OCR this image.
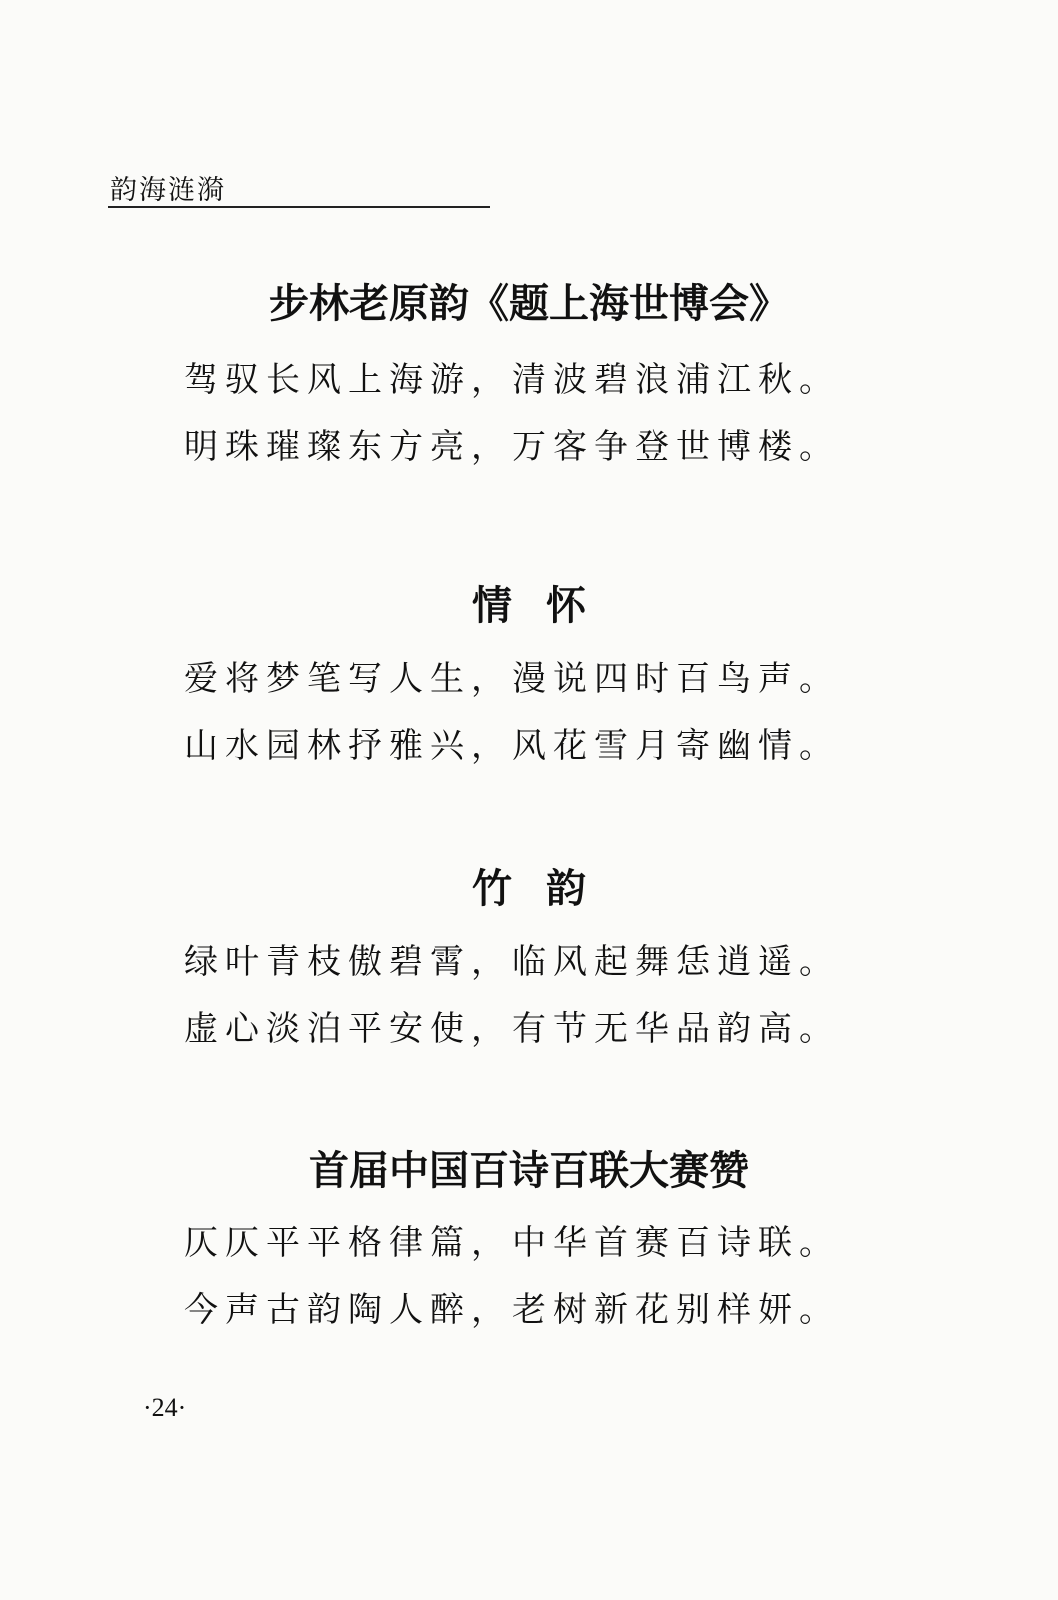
韵海涟漪
步林老原韵《题上海世博会》
驾驭长风上海游，清波碧浪浦江秋。
明珠璀璨东方亮，万客争登世博楼。
情怀
爱将梦笔写人生，漫说四时百鸟声。
山水园林抒雅兴，风花雪月寄幽情。
竹韵
绿叶青枝傲碧霄，临风起舞恁逍遥。
虚心淡泊平安使，有节无华品韵高。
首届中国百诗百联大赛赞
仄仄平平格律篇，中华首赛百诗联。
今声古韵陶人醉，老树新花别样妍。
·24·
